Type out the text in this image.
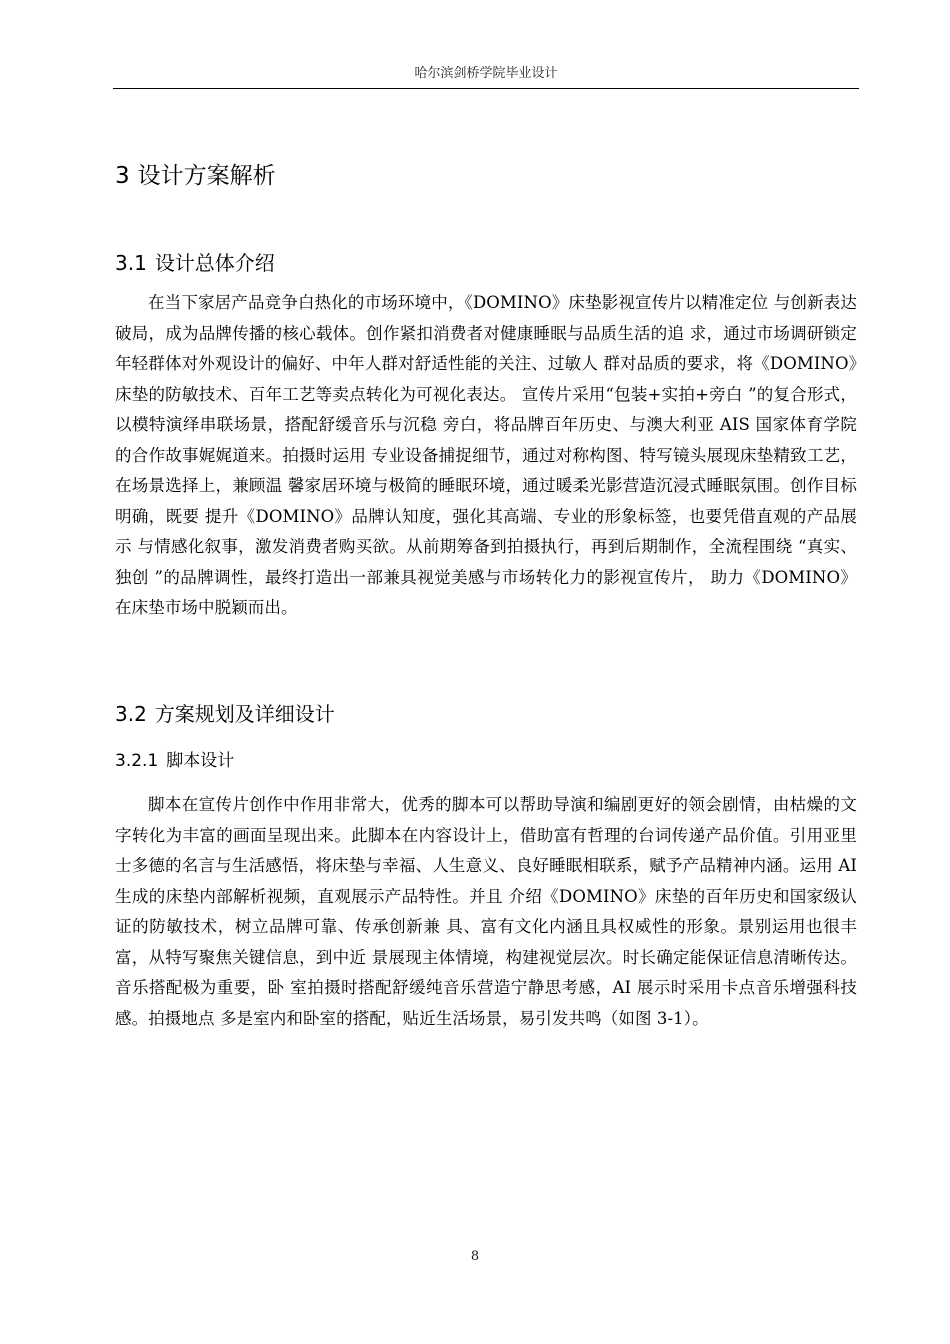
哈尔滨剑桥学院毕业设计
3 设计方案解析
3.1 设计总体介绍

在当下家居产品竞争白热化的市场环境中，《DOMINO》床垫影视宣传片以精准定位 与创新表达破局，成为品牌传播的核心载体。创作紧扣消费者对健康睡眠与品质生活的追 求，通过市场调研锁定年轻群体对外观设计的偏好、中年人群对舒适性能的关注、过敏人 群对品质的要求，将《DOMINO》床垫的防敏技术、百年工艺等卖点转化为可视化表达。 宣传片采用“包装+实拍+旁白 ”的复合形式，以模特演绎串联场景，搭配舒缓音乐与沉稳 旁白，将品牌百年历史、与澳大利亚 AIS 国家体育学院的合作故事娓娓道来。拍摄时运用 专业设备捕捉细节，通过对称构图、特写镜头展现床垫精致工艺，在场景选择上，兼顾温 馨家居环境与极简的睡眠环境，通过暖柔光影营造沉浸式睡眠氛围。创作目标明确，既要 提升《DOMINO》品牌认知度，强化其高端、专业的形象标签，也要凭借直观的产品展示 与情感化叙事，激发消费者购买欲。从前期筹备到拍摄执行，再到后期制作，全流程围绕 “真实、独创 ”的品牌调性，最终打造出一部兼具视觉美感与市场转化力的影视宣传片， 助力《DOMINO》在床垫市场中脱颖而出。

3.2 方案规划及详细设计
3.2.1 脚本设计

脚本在宣传片创作中作用非常大，优秀的脚本可以帮助导演和编剧更好的领会剧情，由枯燥的文字转化为丰富的画面呈现出来。此脚本在内容设计上，借助富有哲理的台词传递产品价值。引用亚里士多德的名言与生活感悟，将床垫与幸福、人生意义、良好睡眠相联系，赋予产品精神内涵。运用 AI 生成的床垫内部解析视频，直观展示产品特性。并且 介绍《DOMINO》床垫的百年历史和国家级认证的防敏技术，树立品牌可靠、传承创新兼 具、富有文化内涵且具权威性的形象。景别运用也很丰富，从特写聚焦关键信息，到中近 景展现主体情境，构建视觉层次。时长确定能保证信息清晰传达。音乐搭配极为重要，卧 室拍摄时搭配舒缓纯音乐营造宁静思考感，AI 展示时采用卡点音乐增强科技感。拍摄地点 多是室内和卧室的搭配，贴近生活场景，易引发共鸣（如图 3-1）。

8
